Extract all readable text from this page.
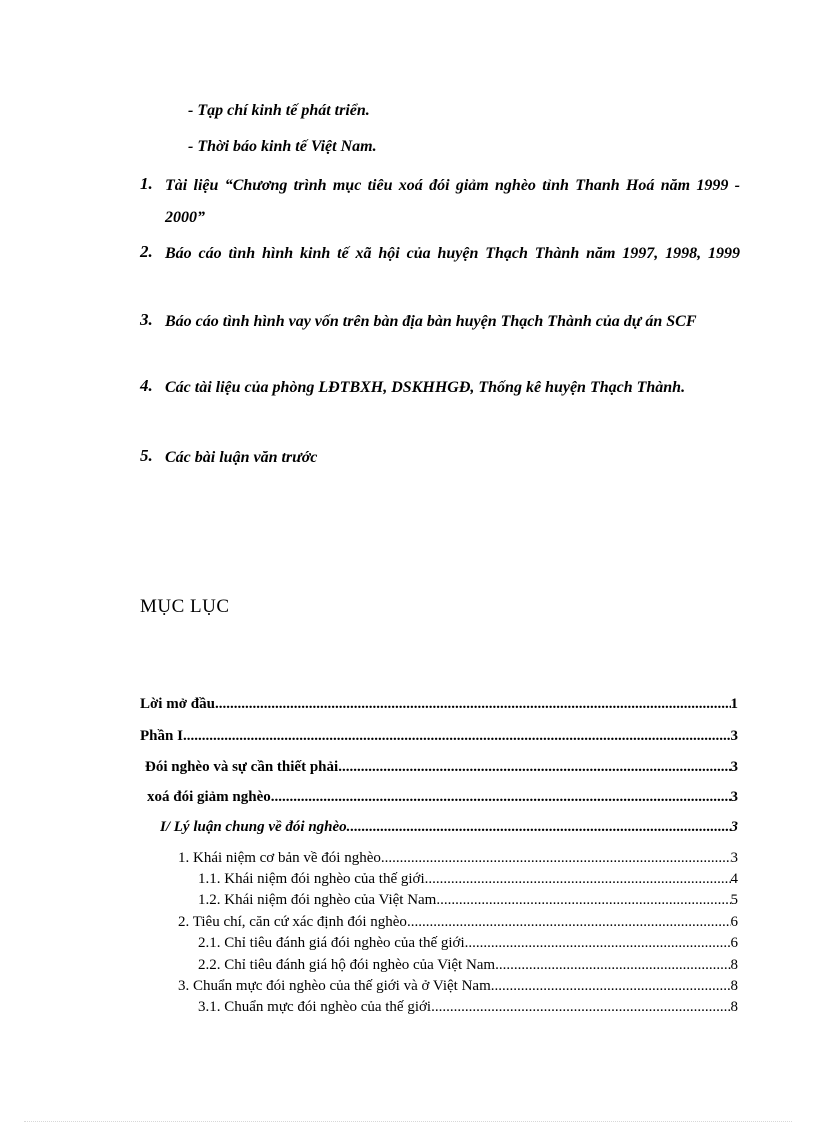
- Tạp chí kinh tế phát triển.
- Thời báo kinh tế Việt Nam.
1. Tài liệu “Chương trình mục tiêu xoá đói giảm nghèo tỉnh Thanh Hoá năm 1999 - 2000”
2. Báo cáo tình hình kinh tế xã hội của huyện Thạch Thành năm 1997, 1998, 1999
3. Báo cáo tình hình vay vốn trên bàn địa bàn huyện Thạch Thành của dự án SCF
4. Các tài liệu của phòng LĐTBXH, DSKHHGĐ, Thống kê huyện Thạch Thành.
5. Các bài luận văn trước
MỤC LỤC
Lời mở đầu .....	1
Phần I .....	3
Đói nghèo và sự cần thiết phải .....	3
xoá đói giảm nghèo .....	3
I/ Lý luận chung về đói nghèo. .....	3
1. Khái niệm cơ bản về đói nghèo .....	3
1.1. Khái niệm đói nghèo của thế giới .....	4
1.2. Khái niệm đói nghèo của Việt Nam .....	5
2. Tiêu chí, căn cứ xác định đói nghèo .....	6
2.1. Chỉ tiêu đánh giá đói nghèo của thế giới. .....	6
2.2. Chỉ tiêu đánh giá hộ đói nghèo của Việt Nam .....	8
3. Chuẩn mực đói nghèo của thế giới và ở Việt Nam .....	8
3.1. Chuẩn mực đói nghèo của thế giới. .....	8
